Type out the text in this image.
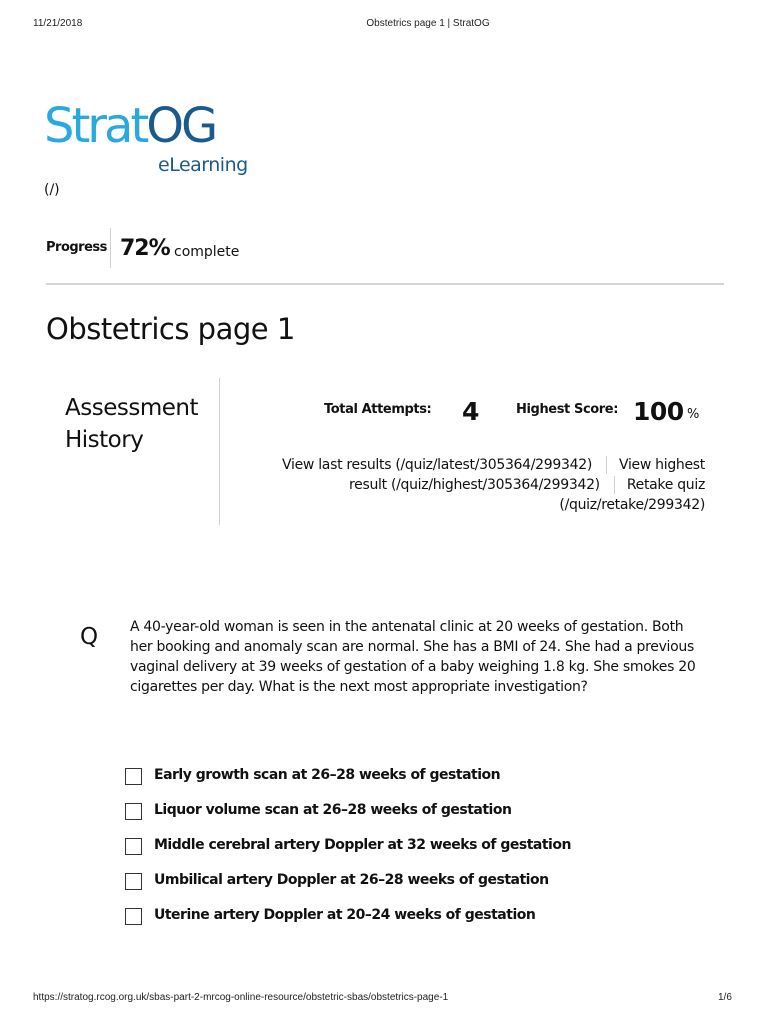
11/21/2018	Obstetrics page 1 | StratOG
StratOG
eLearning
(/)
Progress 72% complete
Obstetrics page 1
Assessment History
Total Attempts: 4	Highest Score: 100 %
View last results (/quiz/latest/305364/299342) View highest result (/quiz/highest/305364/299342) Retake quiz (/quiz/retake/299342)
Q A 40-year-old woman is seen in the antenatal clinic at 20 weeks of gestation. Both her booking and anomaly scan are normal. She has a BMI of 24. She had a previous vaginal delivery at 39 weeks of gestation of a baby weighing 1.8 kg. She smokes 20 cigarettes per day. What is the next most appropriate investigation?
Early growth scan at 26–28 weeks of gestation
Liquor volume scan at 26–28 weeks of gestation
Middle cerebral artery Doppler at 32 weeks of gestation
Umbilical artery Doppler at 26–28 weeks of gestation
Uterine artery Doppler at 20–24 weeks of gestation
https://stratog.rcog.org.uk/sbas-part-2-mrcog-online-resource/obstetric-sbas/obstetrics-page-1	1/6
